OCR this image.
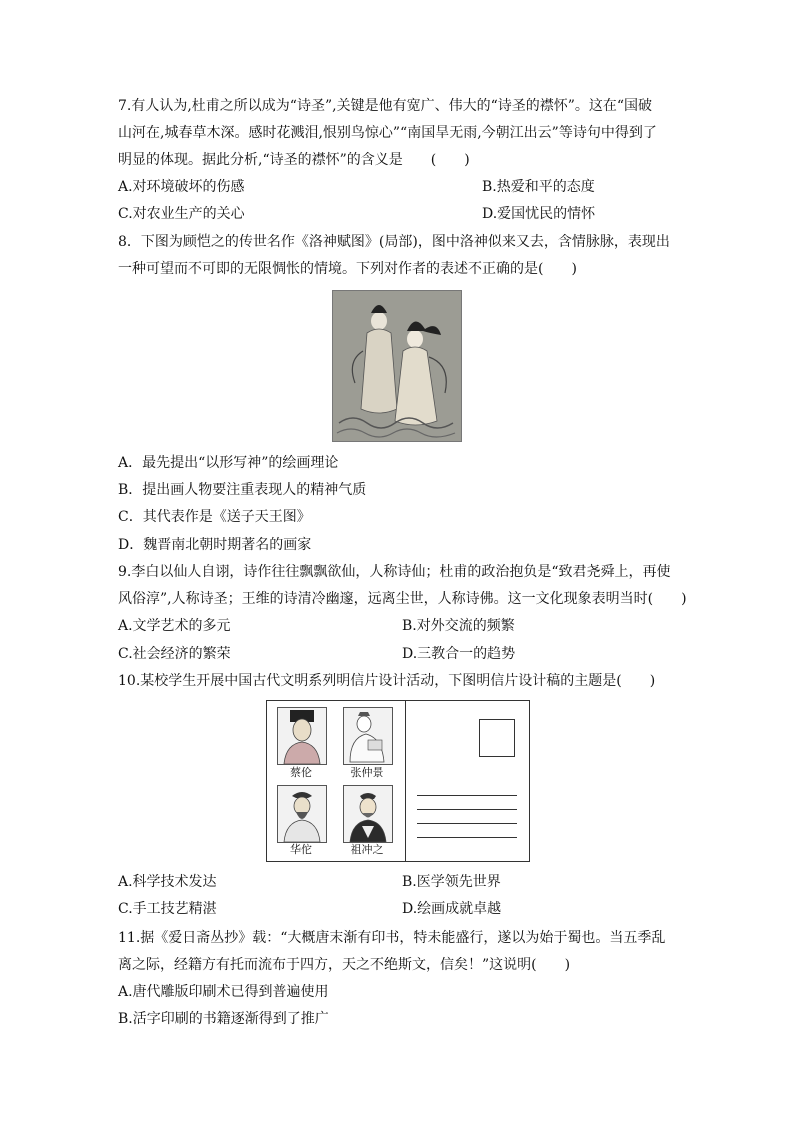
7.有人认为,杜甫之所以成为“诗圣”,关键是他有宽广、伟大的“诗圣的襟怀”。这在“国破
山河在,城春草木深。感时花溅泪,恨别鸟惊心”“南国旱无雨,今朝江出云”等诗句中得到了
明显的体现。据此分析,“诗圣的襟怀”的含义是　　(　　)
A.对环境破坏的伤感	B.热爱和平的态度
C.对农业生产的关心	D.爱国忧民的情怀
8．下图为顾恺之的传世名作《洛神赋图》(局部)，图中洛神似来又去，含情脉脉，表现出
一种可望而不可即的无限惆怅的情境。下列对作者的表述不正确的是(　　)
A．最先提出“以形写神”的绘画理论
B．提出画人物要注重表现人的精神气质
C．其代表作是《送子天王图》
D．魏晋南北朝时期著名的画家
9.李白以仙人自诩，诗作往往飘飘欲仙，人称诗仙；杜甫的政治抱负是“致君尧舜上，再使
风俗淳”,人称诗圣；王维的诗清冷幽邃，远离尘世，人称诗佛。这一文化现象表明当时(　　)
A.文学艺术的多元	B.对外交流的频繁
C.社会经济的繁荣	D.三教合一的趋势
10.某校学生开展中国古代文明系列明信片设计活动，下图明信片设计稿的主题是(　　)
蔡伦	张仲景
华佗	祖冲之
A.科学技术发达	B.医学领先世界
C.手工技艺精湛	D.绘画成就卓越
11.据《爱日斋丛抄》载：“大概唐末渐有印书，特未能盛行，遂以为始于蜀也。当五季乱
离之际，经籍方有托而流布于四方，天之不绝斯文，信矣！”这说明(　　)
A.唐代雕版印刷术已得到普遍使用
B.活字印刷的书籍逐渐得到了推广
